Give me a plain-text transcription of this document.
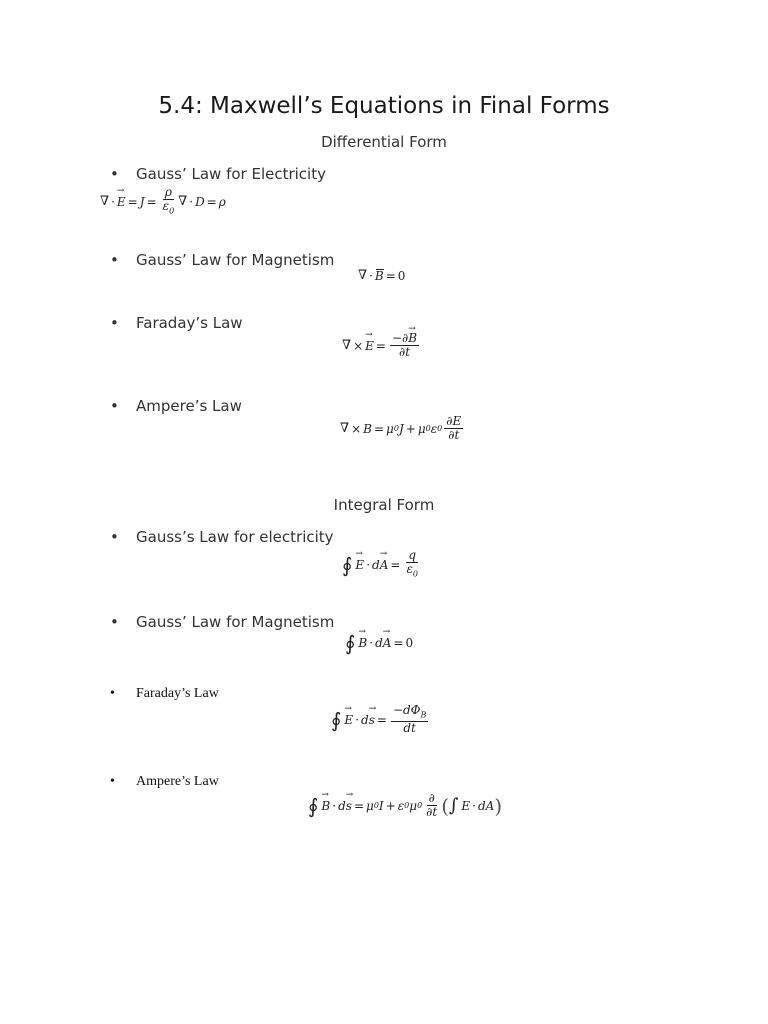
5.4: Maxwell’s Equations in Final Forms
Differential Form
• Gauss’ Law for Electricity
∇ ·
→ $E = J = \frac{\rho}{\varepsilon_0}$ ∇ · D = ρ
• Gauss’ Law for Magnetism
∇ · B = 0
• Faraday’s Law
∇ ×
→ $E = \frac{-\partial\to B}{\partial t}$
• Ampere’s Law
∇ × B = μ 0 J + μ 0 ε $0 \frac{\partial E}{\partial t}$
Integral Form
• Gauss’s Law for electricity
∮
→ E · d
→ $A = \frac{q}{\varepsilon_0}$
• Gauss’ Law for Magnetism
∮
→ B · d
→ A = 0
• Faraday’s Law
∮
→ E · d
→ $s = \frac{-d\Phi_B}{dt}$
• Ampere’s Law
∮
→ B · d
→ s = μ 0 I + ε 0 μ $0 \frac{\partial}{\partial t}$ ( ∫ E · dA )
